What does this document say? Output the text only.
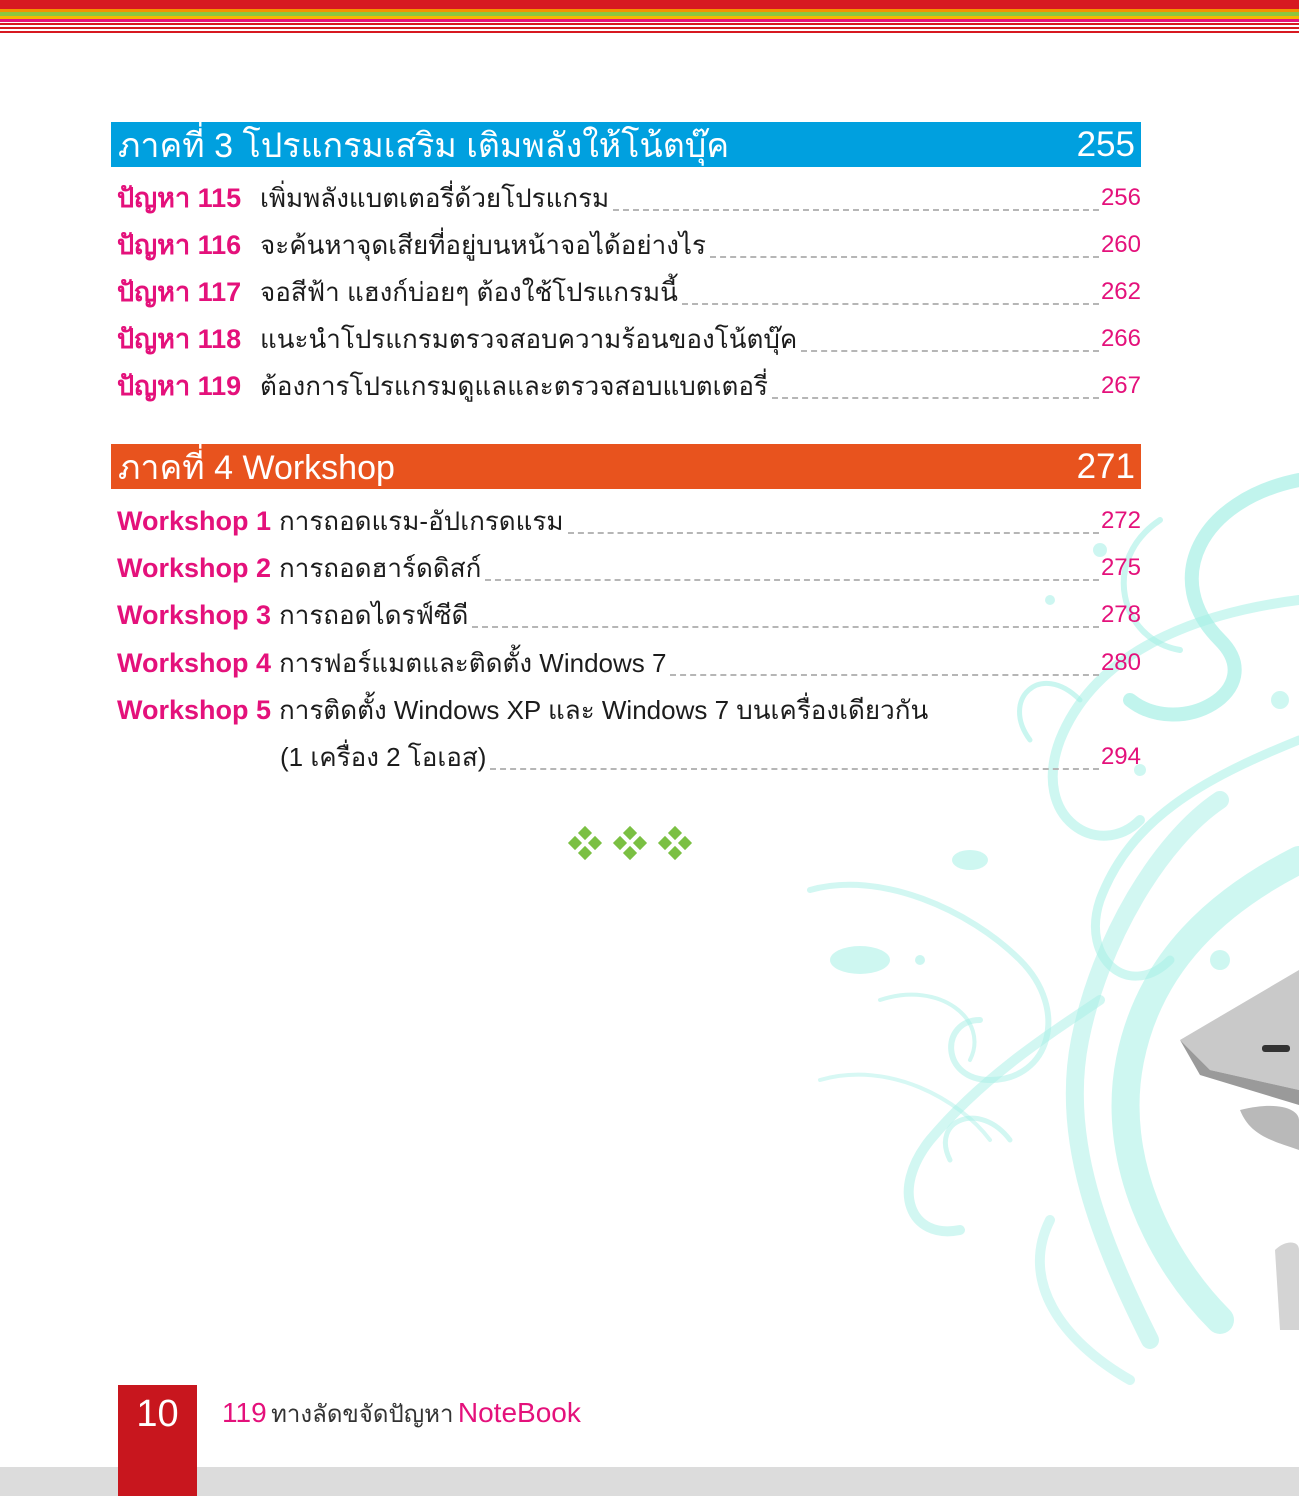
ภาคที่ 3 โปรแกรมเสริม เติมพลังให้โน้ตบุ๊ค	255
ปัญหา 115 เพิ่มพลังแบตเตอรี่ด้วยโปรแกรม	256
ปัญหา 116 จะค้นหาจุดเสียที่อยู่บนหน้าจอได้อย่างไร	260
ปัญหา 117 จอสีฟ้า แฮงก์บ่อยๆ ต้องใช้โปรแกรมนี้	262
ปัญหา 118 แนะนำโปรแกรมตรวจสอบความร้อนของโน้ตบุ๊ค	266
ปัญหา 119 ต้องการโปรแกรมดูแลและตรวจสอบแบตเตอรี่	267
ภาคที่ 4 Workshop	271
Workshop 1 การถอดแรม-อัปเกรดแรม	272
Workshop 2 การถอดฮาร์ดดิสก์	275
Workshop 3 การถอดไดรฟ์ซีดี	278
Workshop 4 การฟอร์แมตและติดตั้ง Windows 7	280
Workshop 5 การติดตั้ง Windows XP และ Windows 7 บนเครื่องเดียวกัน
(1 เครื่อง 2 โอเอส)	294
10 119 ทางลัดขจัดปัญหา NoteBook
